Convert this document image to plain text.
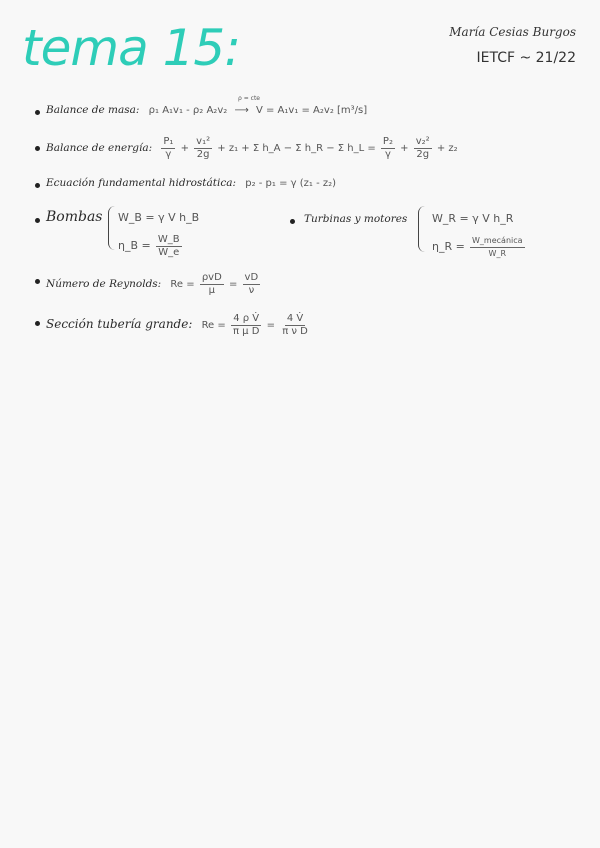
tema 15:	María Cesias Burgos
IETCF ~ 21/22
Balance de masa: ρ₁ A₁v₁ - ρ₂ A₂v₂ ⟶ V = A₁v₁ = A₂v₂ [m³/s]
ρ = cte
Balance de energía: $\frac{\text{P₁}}{\gamma} + \frac{\text{v₁²}}{2g} + z_1 + \Sigma$ h_A − Σ h_R − Σ h_L = $\frac{\text{P₂}}{\gamma} + \frac{\text{v₂²}}{2g} + z_2$
Ecuación fundamental hidrostática: p₂ - p₁ = γ (z₁ - z₂)
Bombas W_B = γ V h_B
η_B = $\frac{W\_B}{W\_e}$
Turbinas y motores W_R = γ V h_R
η_R = $\frac{\text{W\_mecánica}}{W\_R}$
Número de Reynolds: $Re = \frac{\text{ρvD}}{\mu} = \frac{vD}{\nu}$
Sección tubería grande: $Re = \frac{\text{4 ρ V̇}}{\text{π μ D}} = \frac{4 V̇}{\text{π ν D}}$
